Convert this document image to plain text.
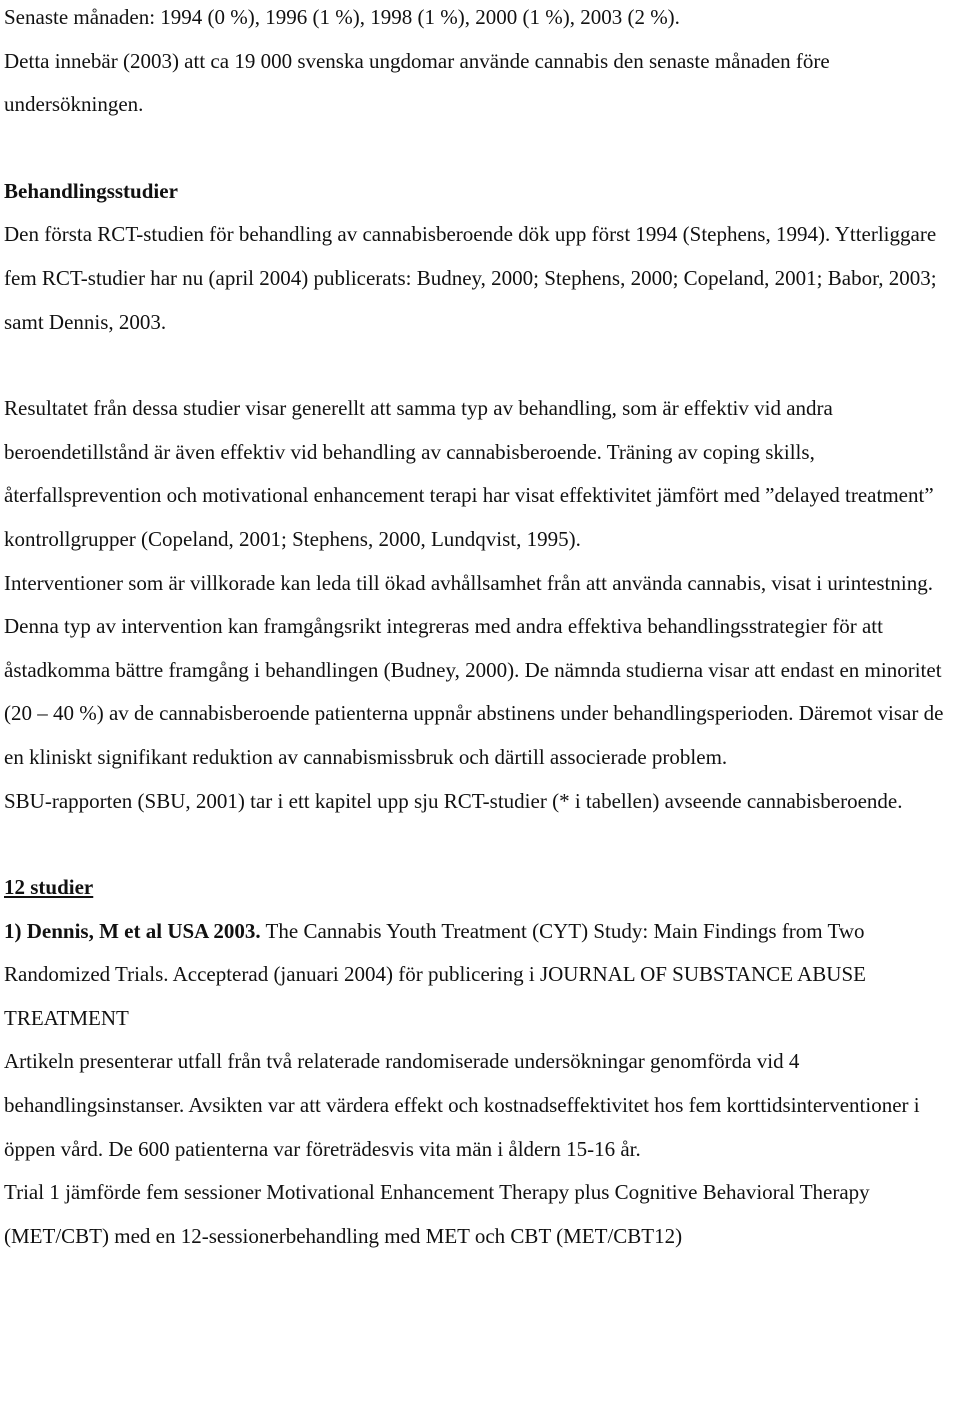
Senaste månaden: 1994 (0 %), 1996 (1 %), 1998 (1 %), 2000 (1 %), 2003 (2 %).

Detta innebär (2003) att ca 19 000 svenska ungdomar använde cannabis den senaste månaden före undersökningen.

Behandlingsstudier

Den första RCT-studien för behandling av cannabisberoende dök upp först 1994 (Stephens, 1994). Ytterliggare fem RCT-studier har nu (april 2004) publicerats: Budney, 2000; Stephens, 2000; Copeland, 2001; Babor, 2003; samt Dennis, 2003.

Resultatet från dessa studier visar generellt att samma typ av behandling, som är effektiv vid andra beroendetillstånd är även effektiv vid behandling av cannabisberoende. Träning av coping skills, återfallsprevention och motivational enhancement terapi har visat effektivitet jämfört med ”delayed treatment” kontrollgrupper (Copeland, 2001; Stephens, 2000, Lundqvist, 1995).

Interventioner som är villkorade kan leda till ökad avhållsamhet från att använda cannabis, visat i urintestning. Denna typ av intervention kan framgångsrikt integreras med andra effektiva behandlingsstrategier för att åstadkomma bättre framgång i behandlingen (Budney, 2000). De nämnda studierna visar att endast en minoritet (20 – 40 %) av de cannabisberoende patienterna uppnår abstinens under behandlingsperioden. Däremot visar de en kliniskt signifikant reduktion av cannabismissbruk och därtill associerade problem.

SBU-rapporten (SBU, 2001) tar i ett kapitel upp sju RCT-studier (* i tabellen) avseende cannabisberoende.

12 studier

1) Dennis, M et al USA 2003. The Cannabis Youth Treatment (CYT) Study: Main Findings from Two Randomized Trials. Accepterad (januari 2004) för publicering i JOURNAL OF SUBSTANCE ABUSE TREATMENT

Artikeln presenterar utfall från två relaterade randomiserade undersökningar genomförda vid 4 behandlingsinstanser. Avsikten var att värdera effekt och kostnadseffektivitet hos fem korttidsinterventioner i öppen vård. De 600 patienterna var företrädesvis vita män i åldern 15-16 år.

Trial 1 jämförde fem sessioner Motivational Enhancement Therapy plus Cognitive Behavioral Therapy (MET/CBT) med en 12-sessionerbehandling med MET och CBT (MET/CBT12)
